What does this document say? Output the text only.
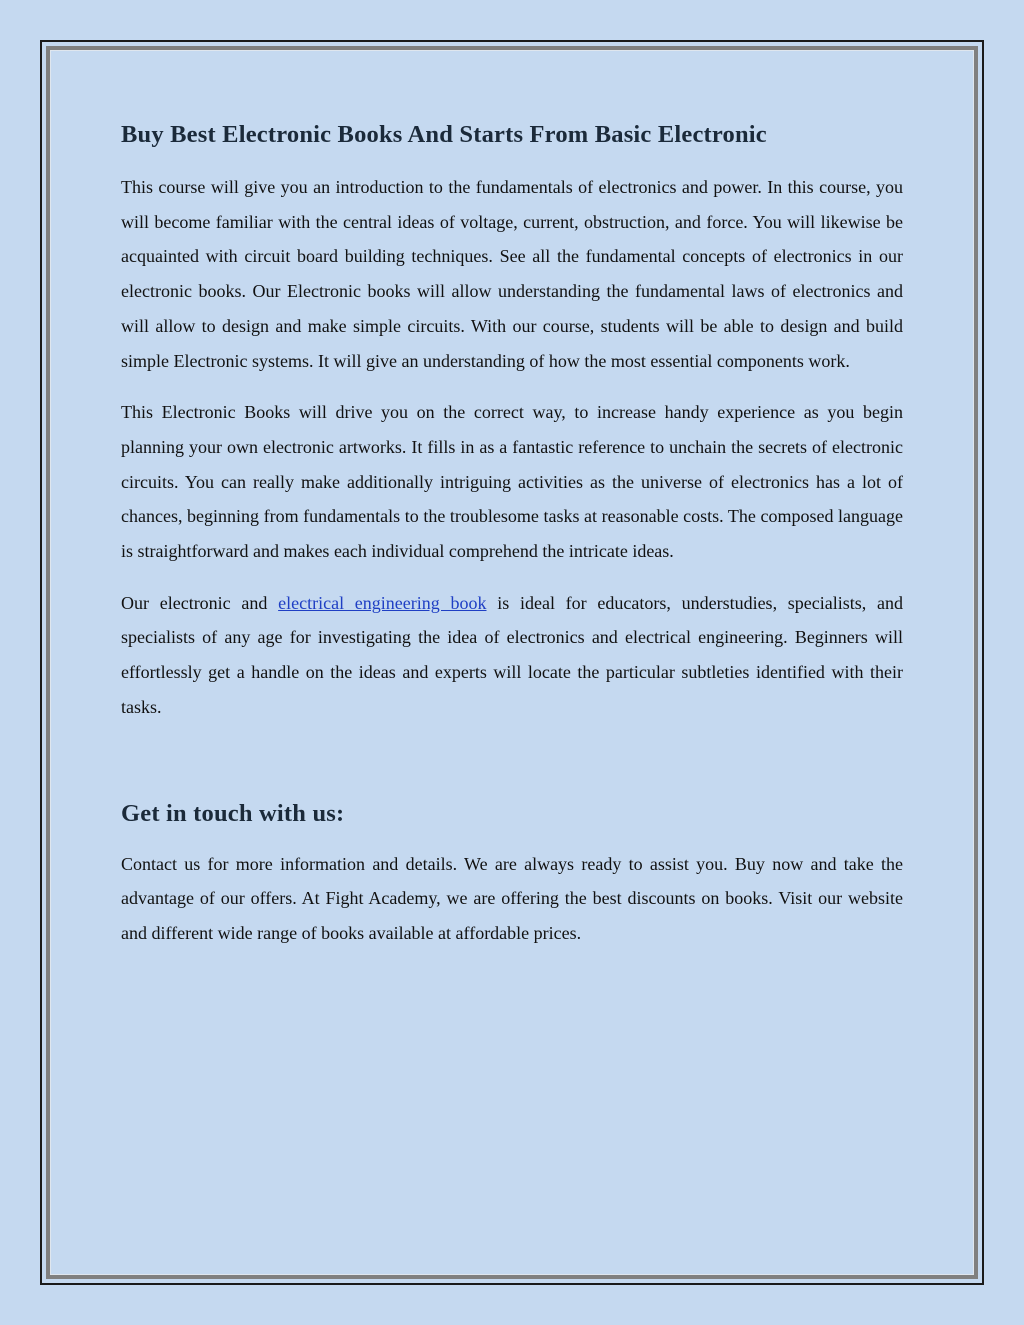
Buy Best Electronic Books And Starts From Basic Electronic

This course will give you an introduction to the fundamentals of electronics and power. In this course, you will become familiar with the central ideas of voltage, current, obstruction, and force. You will likewise be acquainted with circuit board building techniques. See all the fundamental concepts of electronics in our electronic books. Our Electronic books will allow understanding the fundamental laws of electronics and will allow to design and make simple circuits. With our course, students will be able to design and build simple Electronic systems. It will give an understanding of how the most essential components work.

This Electronic Books will drive you on the correct way, to increase handy experience as you begin planning your own electronic artworks. It fills in as a fantastic reference to unchain the secrets of electronic circuits. You can really make additionally intriguing activities as the universe of electronics has a lot of chances, beginning from fundamentals to the troublesome tasks at reasonable costs. The composed language is straightforward and makes each individual comprehend the intricate ideas.

Our electronic and electrical engineering book is ideal for educators, understudies, specialists, and specialists of any age for investigating the idea of electronics and electrical engineering. Beginners will effortlessly get a handle on the ideas and experts will locate the particular subtleties identified with their tasks.

Get in touch with us:

Contact us for more information and details. We are always ready to assist you. Buy now and take the advantage of our offers. At Fight Academy, we are offering the best discounts on books. Visit our website and different wide range of books available at affordable prices.
